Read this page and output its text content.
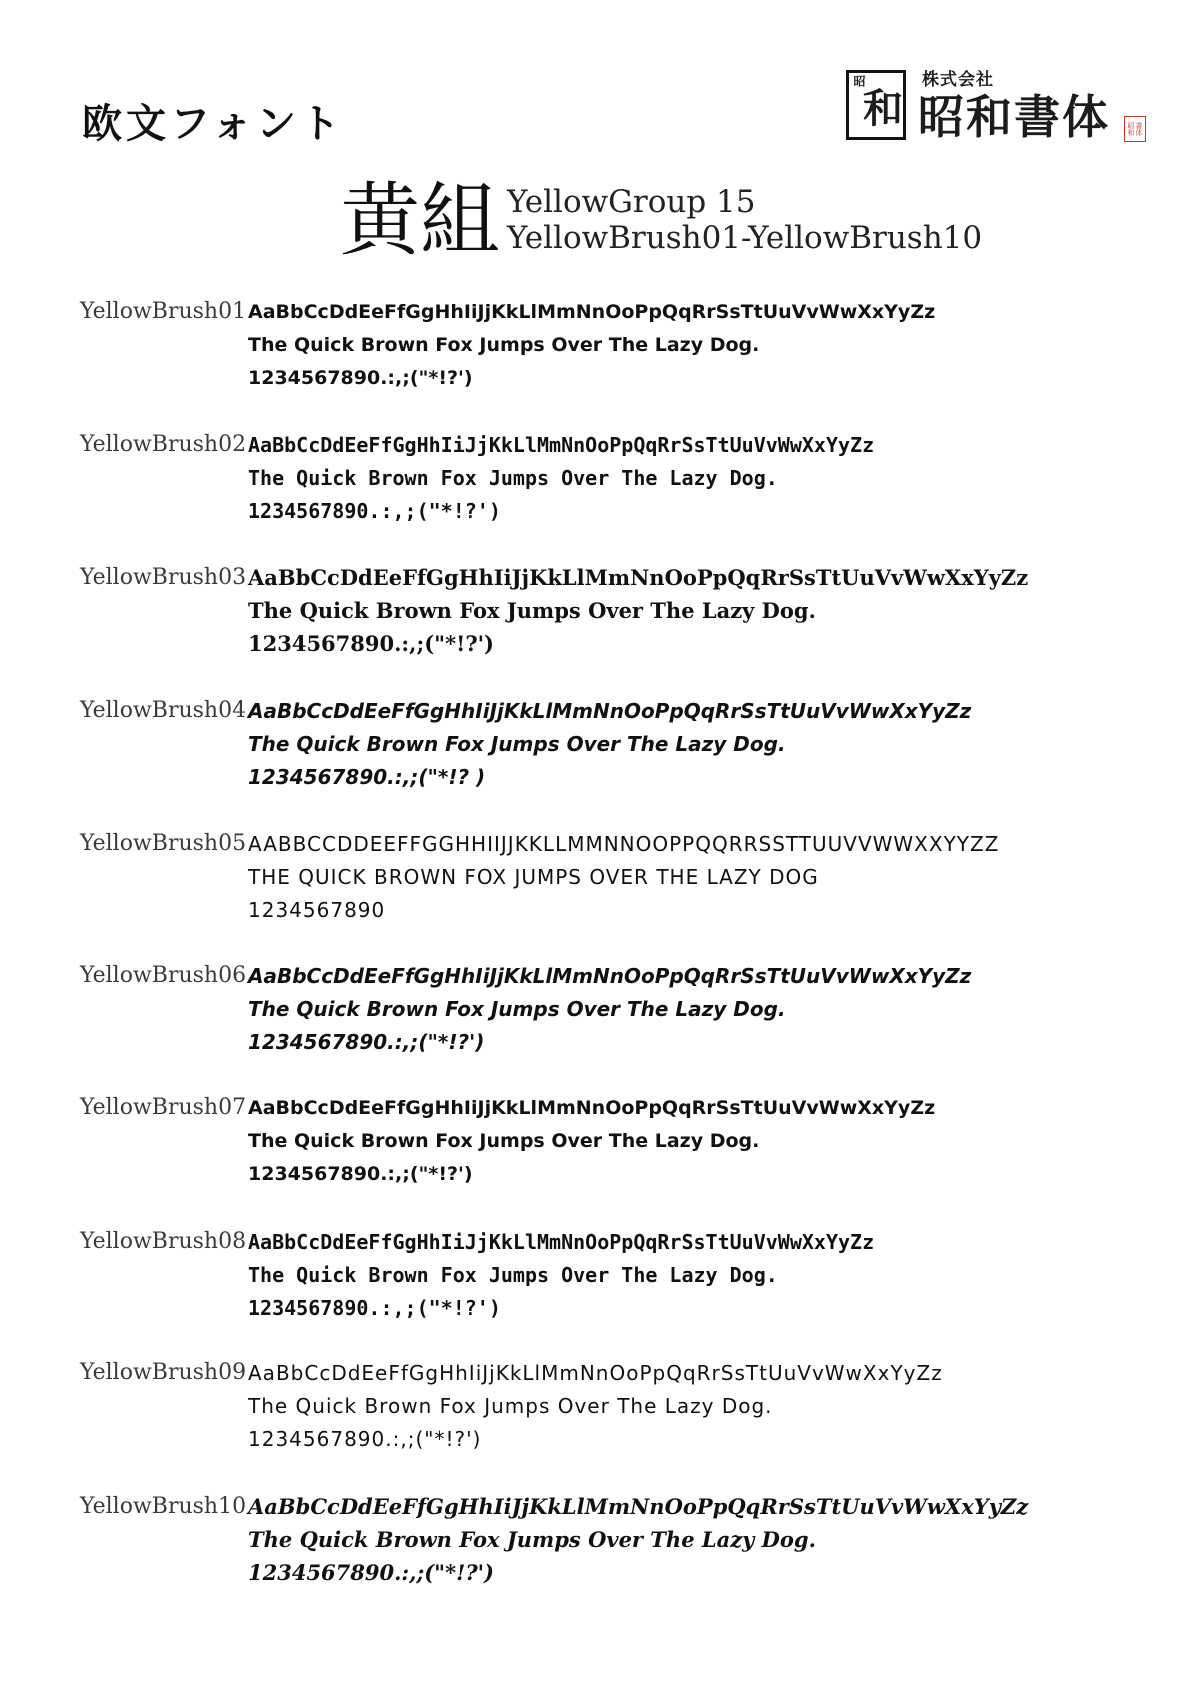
欧文フォント
昭
和
株式会社
昭和書体	書体昭和
黄組 YellowGroup 15
YellowBrush01-YellowBrush10
YellowBrush01 AaBbCcDdEeFfGgHhIiJjKkLlMmNnOoPpQqRrSsTtUuVvWwXxYyZz
The Quick Brown Fox Jumps Over The Lazy Dog.
1234567890.:,;("*!?')
YellowBrush02 AaBbCcDdEeFfGgHhIiJjKkLlMmNnOoPpQqRrSsTtUuVvWwXxYyZz
The Quick Brown Fox Jumps Over The Lazy Dog.
1234567890.:,;("*!?')
YellowBrush03 AaBbCcDdEeFfGgHhIiJjKkLlMmNnOoPpQqRrSsTtUuVvWwXxYyZz
The Quick Brown Fox Jumps Over The Lazy Dog.
1234567890.:,;("*!?')
YellowBrush04 AaBbCcDdEeFfGgHhIiJjKkLlMmNnOoPpQqRrSsTtUuVvWwXxYyZz
The Quick Brown Fox Jumps Over The Lazy Dog.
1234567890.:,;("*!? )
YellowBrush05 AABBCCDDEEFFGGHHIIJJKKLLMMNNOOPPQQRRSSTTUUVVWWXXYYZZ
THE QUICK BROWN FOX JUMPS OVER THE LAZY DOG
1234567890
YellowBrush06 AaBbCcDdEeFfGgHhIiJjKkLlMmNnOoPpQqRrSsTtUuVvWwXxYyZz
The Quick Brown Fox Jumps Over The Lazy Dog.
1234567890.:,;("*!?')
YellowBrush07 AaBbCcDdEeFfGgHhIiJjKkLlMmNnOoPpQqRrSsTtUuVvWwXxYyZz
The Quick Brown Fox Jumps Over The Lazy Dog.
1234567890.:,;("*!?')
YellowBrush08 AaBbCcDdEeFfGgHhIiJjKkLlMmNnOoPpQqRrSsTtUuVvWwXxYyZz
The Quick Brown Fox Jumps Over The Lazy Dog.
1234567890.:,;("*!?')
YellowBrush09 AaBbCcDdEeFfGgHhIiJjKkLlMmNnOoPpQqRrSsTtUuVvWwXxYyZz
The Quick Brown Fox Jumps Over The Lazy Dog.
1234567890.:,;("*!?')
YellowBrush10 AaBbCcDdEeFfGgHhIiJjKkLlMmNnOoPpQqRrSsTtUuVvWwXxYyZz
The Quick Brown Fox Jumps Over The Lazy Dog.
1234567890.:,;("*!?')
